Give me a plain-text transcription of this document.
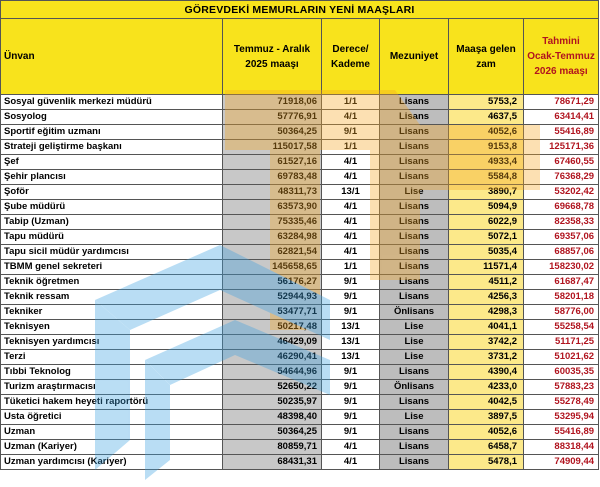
GÖREVDEKİ MEMURLARIN YENİ MAAŞLARI					
Ünvan	Temmuz - Aralık 2025 maaşı	Derece/ Kademe	Mezuniyet	Maaşa gelen zam	Tahmini Ocak-Temmuz 2026 maaşı
Sosyal güvenlik merkezi müdürü	71918,06	1/1	Lisans	5753,2	78671,29
Sosyolog	57776,91	4/1	Lisans	4637,5	63414,41
Sportif eğitim uzmanı	50364,25	9/1	Lisans	4052,6	55416,89
Strateji geliştirme başkanı	115017,58	1/1	Lisans	9153,8	125171,36
Şef	61527,16	4/1	Lisans	4933,4	67460,55
Şehir plancısı	69783,48	4/1	Lisans	5584,8	76368,29
Şoför	48311,73	13/1	Lise	3890,7	53202,42
Şube müdürü	63573,90	4/1	Lisans	5094,9	69668,78
Tabip (Uzman)	75335,46	4/1	Lisans	6022,9	82358,33
Tapu müdürü	63284,98	4/1	Lisans	5072,1	69357,06
Tapu sicil müdür yardımcısı	62821,54	4/1	Lisans	5035,4	68857,06
TBMM genel sekreteri	145658,65	1/1	Lisans	11571,4	158230,02
Teknik öğretmen	56176,27	9/1	Lisans	4511,2	61687,47
Teknik ressam	52944,93	9/1	Lisans	4256,3	58201,18
Tekniker	53477,71	9/1	Önlisans	4298,3	58776,00
Teknisyen	50217,48	13/1	Lise	4041,1	55258,54
Teknisyen yardımcısı	46429,09	13/1	Lise	3742,2	51171,25
Terzi	46290,41	13/1	Lise	3731,2	51021,62
Tıbbi Teknolog	54644,96	9/1	Lisans	4390,4	60035,35
Turizm araştırmacısı	52650,22	9/1	Önlisans	4233,0	57883,23
Tüketici hakem heyeti raportörü	50235,97	9/1	Lisans	4042,5	55278,49
Usta öğretici	48398,40	9/1	Lise	3897,5	53295,94
Uzman	50364,25	9/1	Lisans	4052,6	55416,89
Uzman (Kariyer)	80859,71	4/1	Lisans	6458,7	88318,44
Uzman yardımcısı (Kariyer)	68431,31	4/1	Lisans	5478,1	74909,44
